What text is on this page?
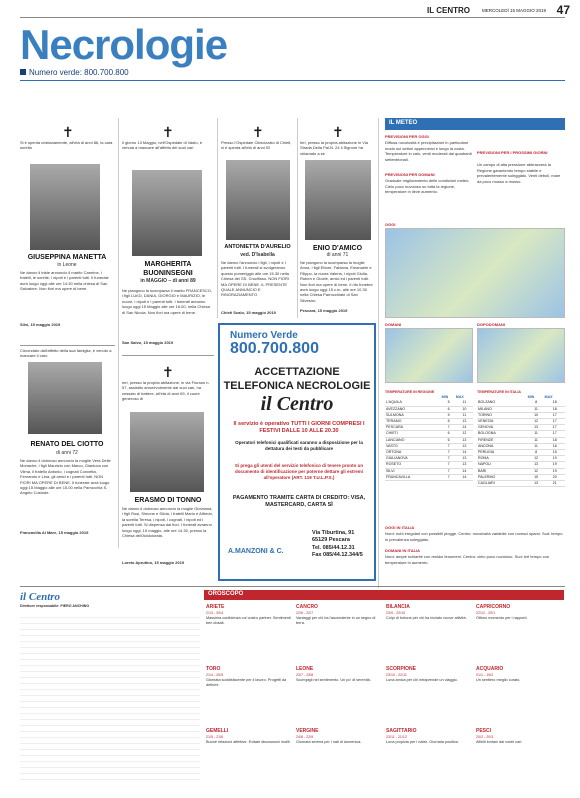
IL CENTRO	MERCOLEDÌ 15 MAGGIO 2019 47
Necrologie
Numero verde: 800.700.800
✝
Si è spenta cristianamente, all'età di anni 86, la cara sorella
GIUSEPPINA MANETTA
in Leone
Ne danno il triste annuncio il marito Carmine, i fratelli, le sorelle, i nipoti e i parenti tutti. Il funerale avrà luogo oggi alle ore 14:30 nella chiesa di San Salvatore. Non fiori ma opere di bene.
Silvi, 15 maggio 2019
✝
Il giorno 13 Maggio, nell'Ospedale di Vasto, è venuta a mancare all'affetto dei suoi cari
MARGHERITA BUONINSEGNI
in MAGGIO – di anni 89
Ne piangono la scomparsa il marito FRANCESCO, i figli LUIGI, DANIA, GIORGIO e MAURIZIO, le nuore, i nipoti e i parenti tutti. I funerali avranno luogo oggi 15 Maggio alle ore 16.00, nella Chiesa di San Nicola. Non fiori ma opere di bene.
San Salvo, 15 maggio 2019
✝
Presso l'Ospedale Clinicizzato di Chieti, si è spenta all'età di anni 92
ANTONIETTA D'AURELIO
ved. D'Isabella
Ne danno l'annuncio i figli, i nipoti e i parenti tutti. I funerali si svolgeranno questo pomeriggio alle ore 15.30 nella Chiesa dei SS. Crocifisso. NON FIORI MA OPERE DI BENE. IL PRESENTE QUALE ANNUNCIO E RINGRAZIAMENTO
Chieti Scalo, 15 maggio 2019
✝
Ieri, presso la propria abitazione in Via Strada Della Pal.N. 24 il Signore ha chiamato a sé
ENIO D'AMICO
di anni 71
Ne piangono la scomparsa la moglie Anna, i figli Ettore, Fabiana, Emanuele e Filippo, la nuora Valeria, i nipoti Giulia, Ruben e Gioele, amici ed i parenti tutti. Non fiori ma opere di bene. Il rito funebre avrà luogo oggi 15 c.m. alle ore 10.30 nella Chiesa Parrocchiale di San Silvestro.
Pescara, 15 maggio 2019
Circondato dall'affetto della sua famiglia, è venuto a mancare il caro
RENATO DEL CIOTTO
di anni 72
Ne danno il doloroso annuncio la moglie Vera Delle Monache, i figli Maurizio con Marco, Gianluca con Vilma, il fratello Antonio, i cognati Concetta, Fernando e Lina, gli amici e i parenti tutti. NON FIORI MA OPERE DI BENE. Il funerale avrà luogo oggi 15 Maggio alle ore 15.00 nella Parrocchia S. Angelo Custode.
Francavilla Al Mare, 15 maggio 2019
✝
Ieri, presso la propria abitazione, in via Fiorano n. 57, assistito amorevolmente dai suoi cari, ha cessato di battere, all'età di anni 69, il cuore generoso di
ERASMO DI TONNO
Ne danno il doloroso annuncio la moglie Giovanna, i figli Rosi, Simone e Silvia, i fratelli Mario e Alfredo, la sorella Teresa, i nipoti, i cognati, i nipoti ed i parenti tutti. Si dispensa dai fiori. I funerali avranno luogo oggi, 15 maggio, alle ore 14.30, presso la Chiesa dell'Addolorata.
Loreto Aprutino, 15 maggio 2019
Numero Verde
800.700.800
ACCETTAZIONE TELEFONICA NECROLOGIE
il Centro
Il servizio è operativo TUTTI I GIORNI COMPRESI I FESTIVI DALLE 10 ALLE 20.30
Operatori telefonici qualificati saranno a disposizione per la dettatura dei testi da pubblicare
Si prega gli utenti del servizio telefonico di tenere pronto un documento di identificazione per poterne dettare gli estremi all'operatore (ART. 119 T.U.L.P.S.)
PAGAMENTO TRAMITE CARTA DI CREDITO: VISA, MASTERCARD, CARTA SÌ
A.MANZONI & C.
Via Tiburtina, 91
65129 Pescara
Tel. 085/44.12.31
Fax 085/44.12.344/5
IL METEO
PREVISIONI PER OGGI
Diffusa nuvolosità e precipitazioni in particolare modo sui settori appenninici e lungo la costa. Temperature in calo, venti moderati dai quadranti settentrionali.
PREVISIONI PER DOMANI
Graduale miglioramento delle condizioni meteo. Cielo poco nuvoloso su tutta la regione, temperature in lieve aumento.
PREVISIONI PER I PROSSIMI GIORNI
Un campo di alta pressione abbraccerà la Regione garantendo tempo stabile e prevalentemente soleggiato. Venti deboli, mare da poco mosso a mosso.
OGGI
DOMANI	DOPODOMANI
TEMPERATURE IN REGIONE
	MIN	MAX
L'AQUILA	5	11
AVEZZANO	6	10
SULMONA	5	11
TERAMO	6	13
PESCARA	7	14
CHIETI	6	12
LANCIANO	6	13
VASTO	7	13
ORTONA	7	14
GIULIANOVA	7	13
ROSETO	7	13
SILVI	7	14
FRANCAVILLA	7	14
TEMPERATURE IN ITALIA
	MIN	MAX
BOLZANO	8	18
MILANO	11	18
TORINO	10	17
VENEZIA	12	17
GENOVA	13	17
BOLOGNA	11	17
FIRENZE	11	18
ANCONA	11	16
PERUGIA	8	15
ROMA	12	19
NAPOLI	13	19
BARI	12	19
PALERMO	15	20
CAGLIARI	13	21
OGGI IN ITALIA
Nord: nubi irregolari con possibili piogge. Centro: nuvolosità variabile con rovesci sparsi. Sud: tempo in prevalenza soleggiato.
DOMANI IN ITALIA
Nord: ampie schiarite con residui fenomeni. Centro: cielo poco nuvoloso. Sud: bel tempo con temperature in aumento.
il Centro
Direttore responsabile: PIERO ANCHINO
OROSCOPO
ARIETE
21/3 - 20/4
Massima confidenza col vostro partner. Sentimenti ben dosati.
TORO
21/4 - 20/5
Giornata soddisfacente per il lavoro. Progetti da definire.
GEMELLI
21/5 - 21/6
Buone relazioni affettive. Evitate discussioni inutili.
CANCRO
22/6 - 22/7
Vantaggi per chi ha l'ascendente in un segno di terra.
LEONE
23/7 - 23/8
Scompigli nel sentimento. Un po' di serenità.
VERGINE
24/8 - 22/9
Giornata serena per i nati di domenica.
BILANCIA
23/9 - 22/10
Colpi di fortuna per chi ha iniziato nuove attività.
SCORPIONE
23/10 - 22/11
Luna amica per chi intraprende un viaggio.
SAGITTARIO
23/11 - 21/12
Luna propizia per i nativi. Giornata positiva.
CAPRICORNO
22/12 - 20/1
Ottimo momento per i rapporti.
ACQUARIO
21/1 - 19/2
Un sentiero meglio curato.
PESCI
20/2 - 20/3
Affetti lontani dai vostri cari.
